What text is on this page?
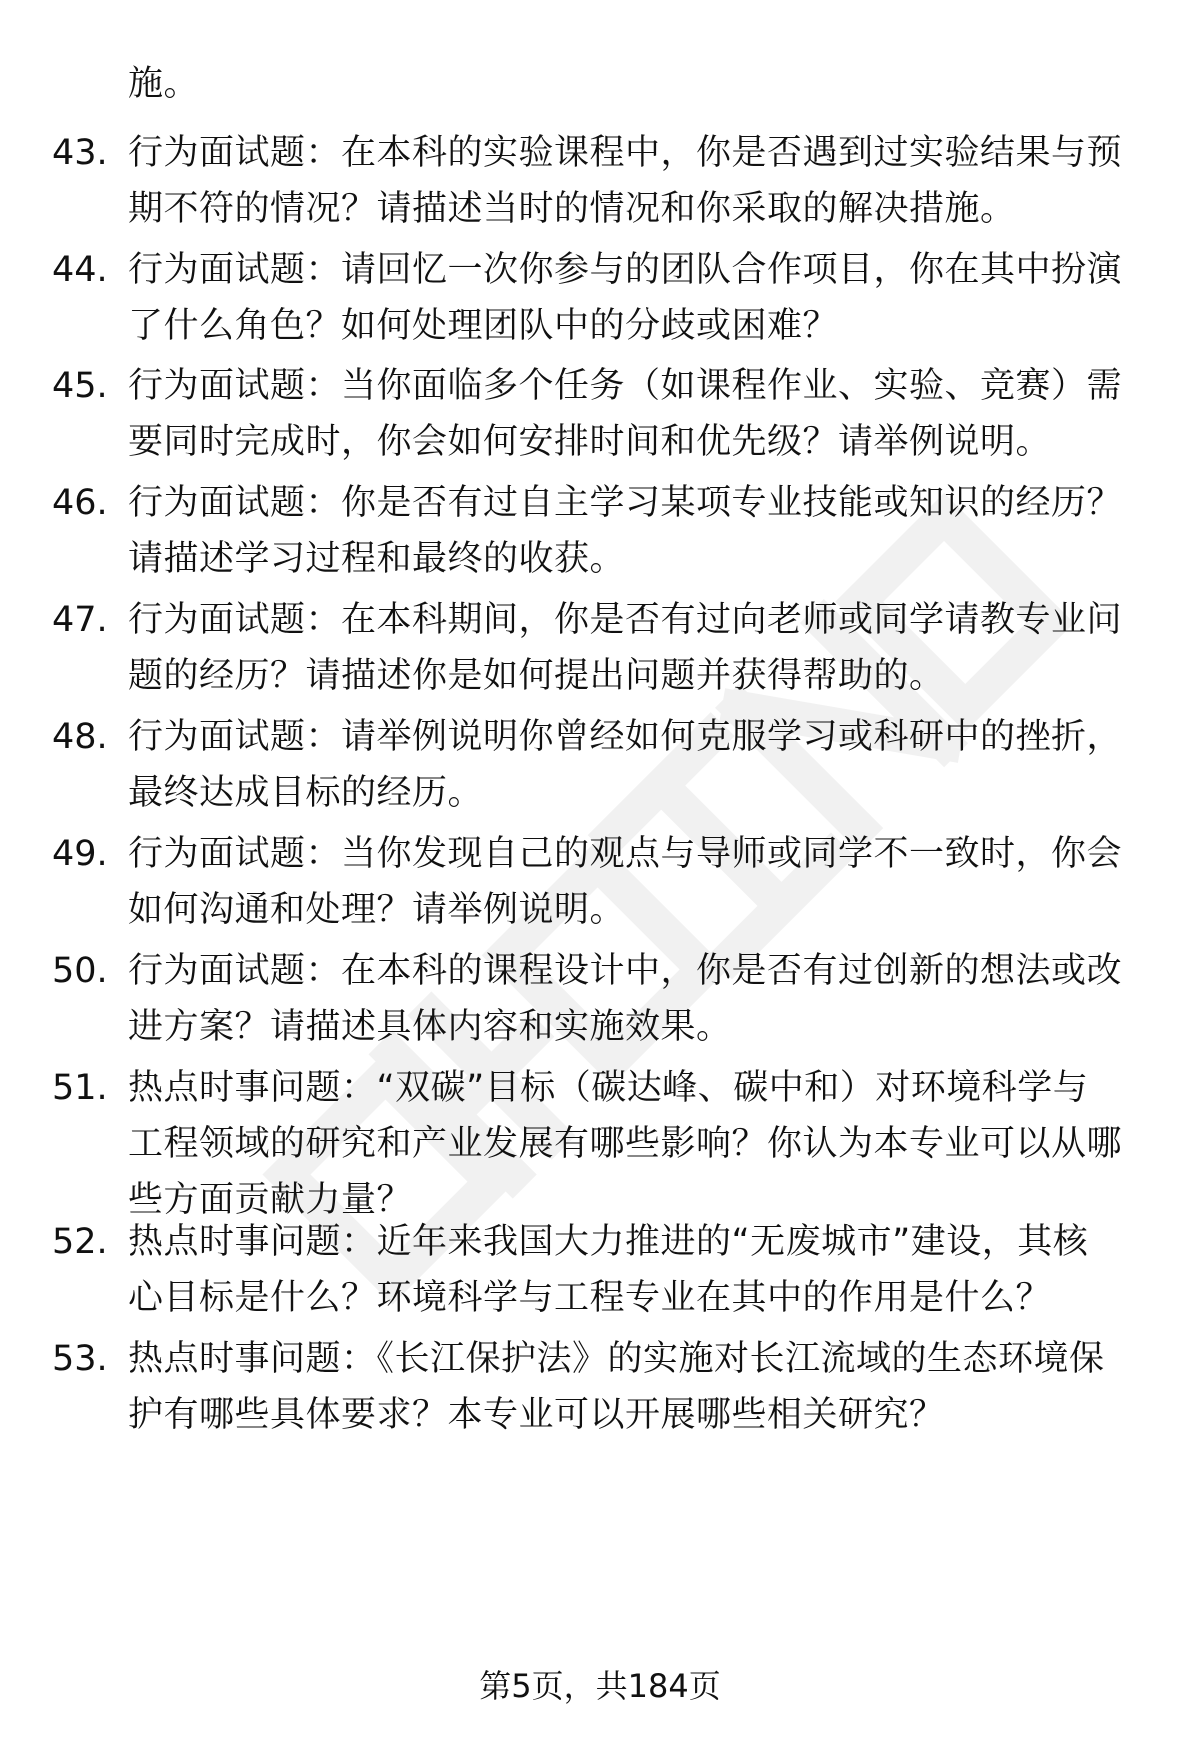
施。
43. 行为面试题：在本科的实验课程中，你是否遇到过实验结果与预
期不符的情况？请描述当时的情况和你采取的解决措施。
44. 行为面试题：请回忆一次你参与的团队合作项目，你在其中扮演
了什么角色？如何处理团队中的分歧或困难？
45. 行为面试题：当你面临多个任务（如课程作业、实验、竞赛）需
要同时完成时，你会如何安排时间和优先级？请举例说明。
46. 行为面试题：你是否有过自主学习某项专业技能或知识的经历？
请描述学习过程和最终的收获。
47. 行为面试题：在本科期间，你是否有过向老师或同学请教专业问
题的经历？请描述你是如何提出问题并获得帮助的。
48. 行为面试题：请举例说明你曾经如何克服学习或科研中的挫折，
最终达成目标的经历。
49. 行为面试题：当你发现自己的观点与导师或同学不一致时，你会
如何沟通和处理？请举例说明。
50. 行为面试题：在本科的课程设计中，你是否有过创新的想法或改
进方案？请描述具体内容和实施效果。
51. 热点时事问题：“双碳”目标（碳达峰、碳中和）对环境科学与
工程领域的研究和产业发展有哪些影响？你认为本专业可以从哪
些方面贡献力量？
52. 热点时事问题：近年来我国大力推进的“无废城市”建设，其核
心目标是什么？环境科学与工程专业在其中的作用是什么？
53. 热点时事问题：《长江保护法》的实施对长江流域的生态环境保
护有哪些具体要求？本专业可以开展哪些相关研究？
第5页，共184页
